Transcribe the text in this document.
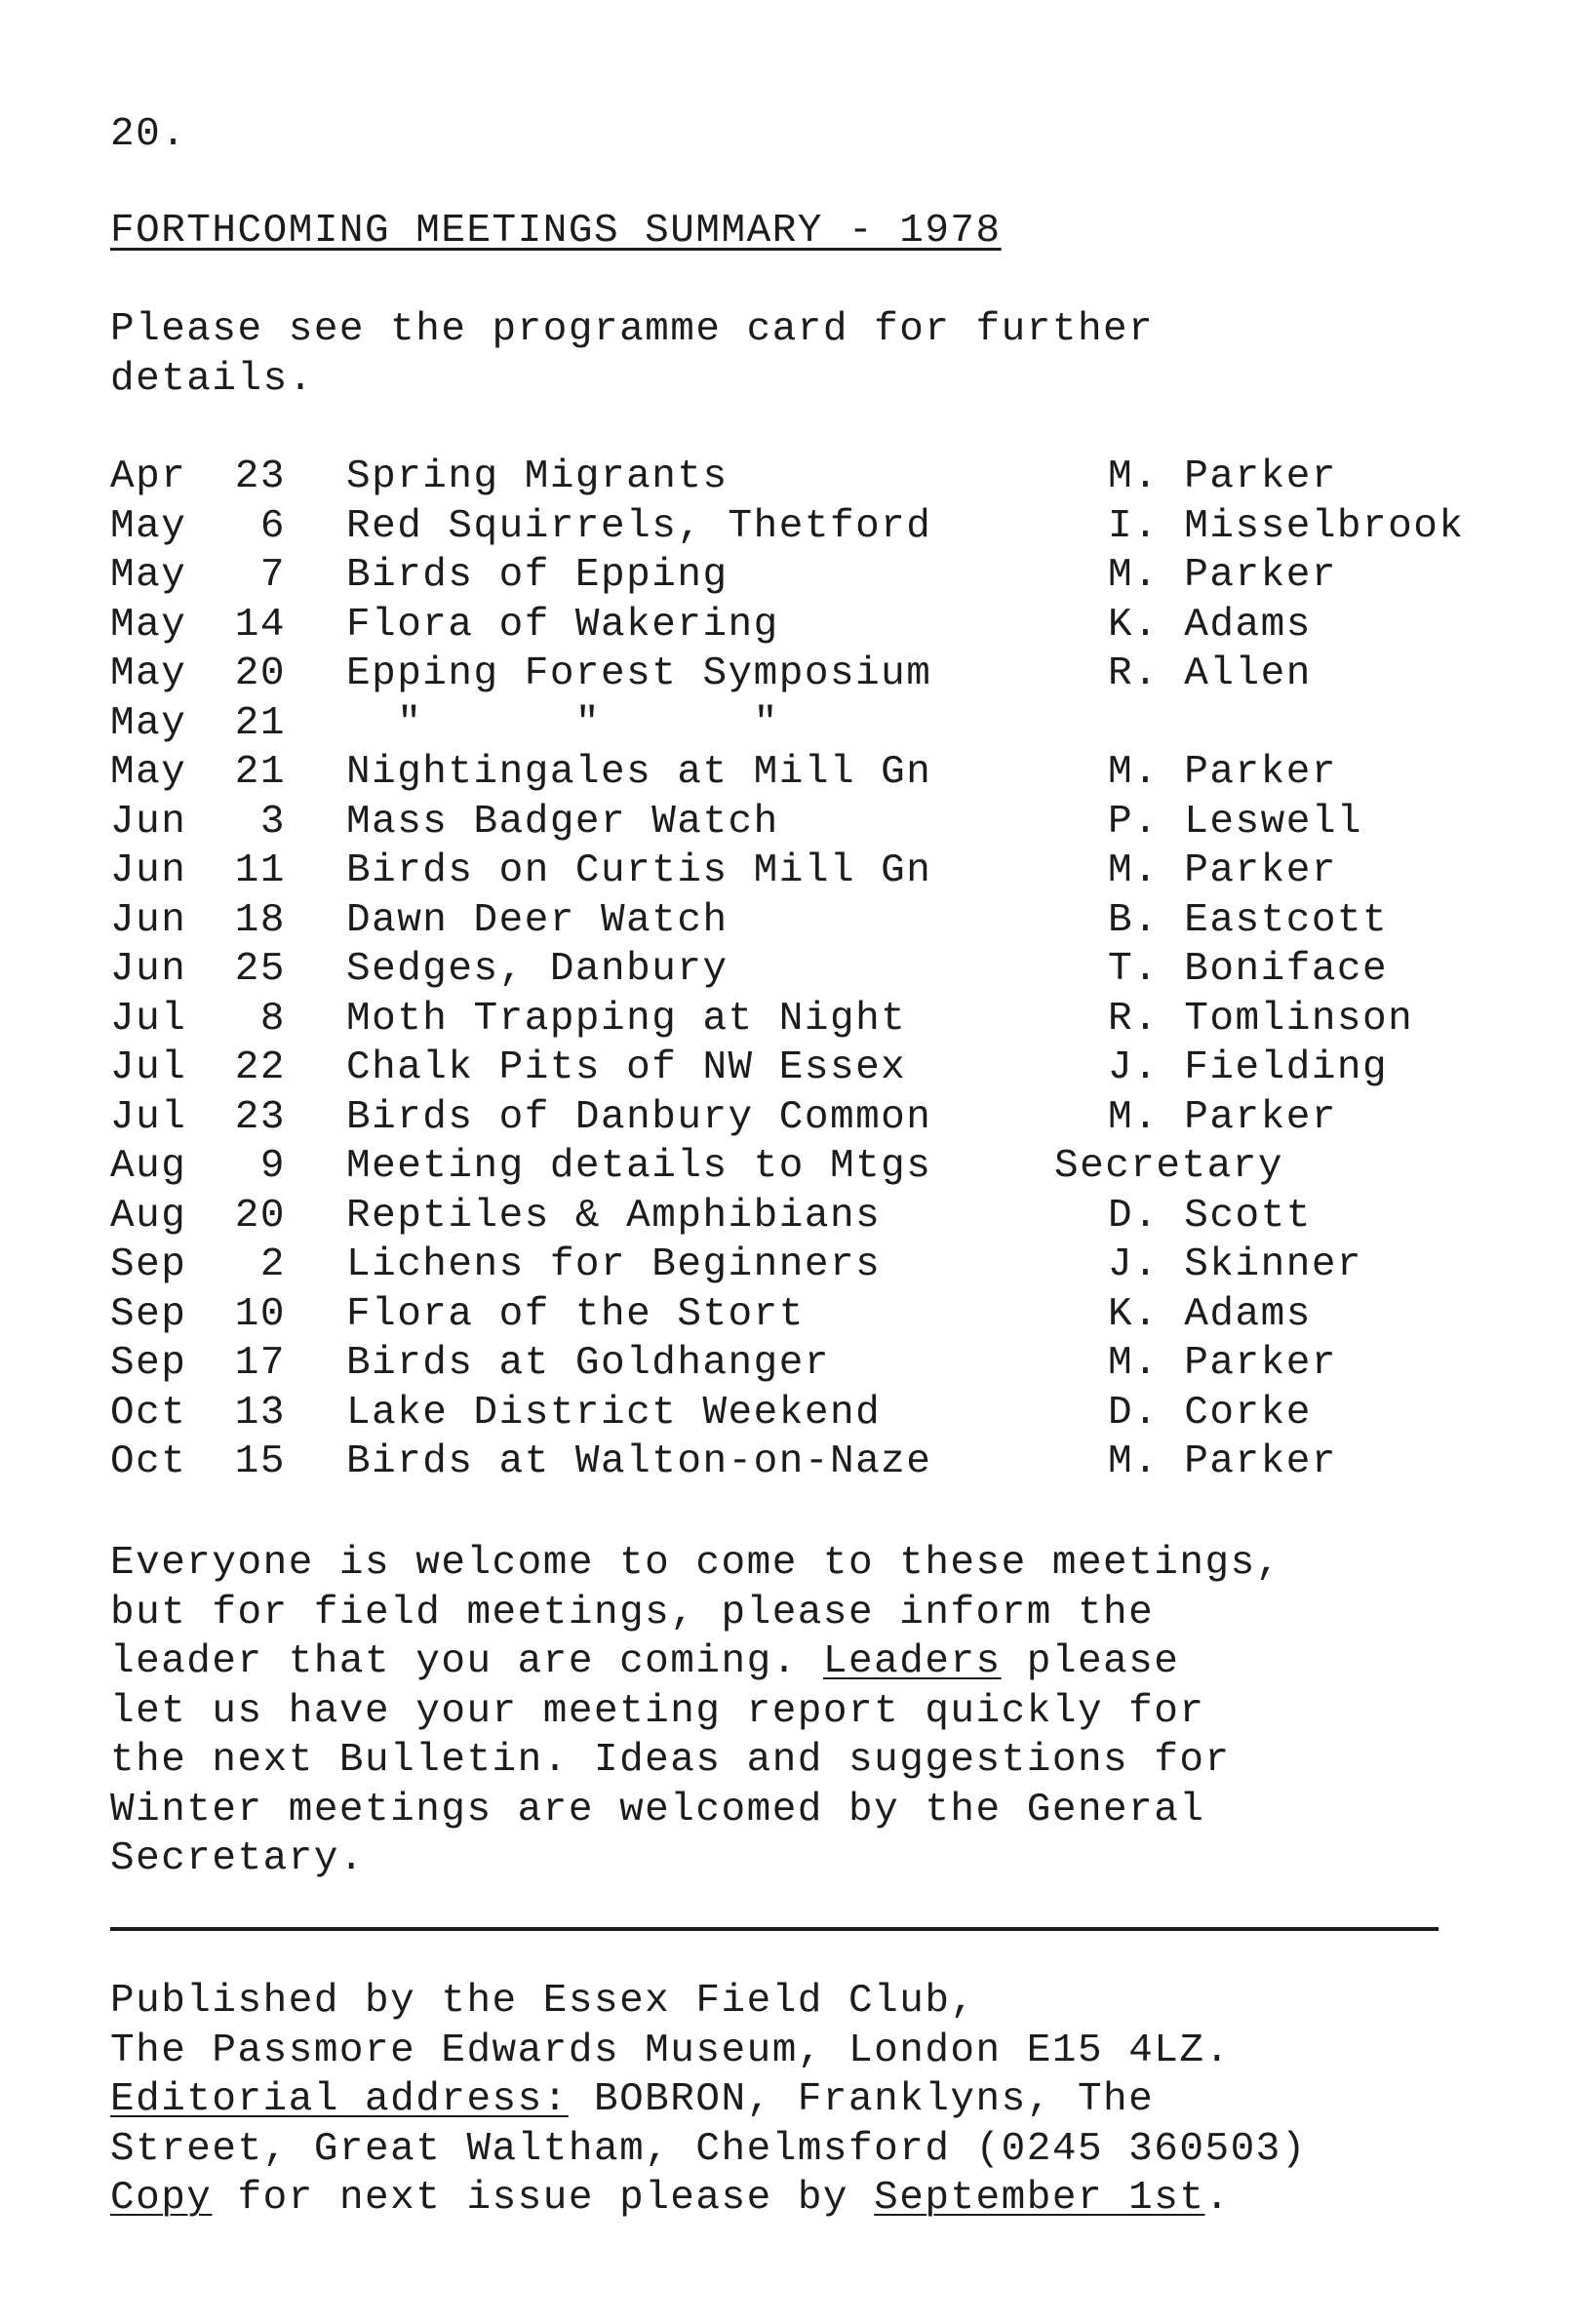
20.
FORTHCOMING MEETINGS SUMMARY - 1978
Please see the programme card for further
details.
Apr	23 Spring Migrants	M. Parker
May	6 Red Squirrels, Thetford	I. Misselbrook
May	7 Birds of Epping	M. Parker
May	14 Flora of Wakering	K. Adams
May	20 Epping Forest Symposium	R. Allen
May	21 "      "      "
May	21 Nightingales at Mill Gn	M. Parker
Jun	3 Mass Badger Watch	P. Leswell
Jun	11 Birds on Curtis Mill Gn	M. Parker
Jun	18 Dawn Deer Watch	B. Eastcott
Jun	25 Sedges, Danbury	T. Boniface
Jul	8 Moth Trapping at Night	R. Tomlinson
Jul	22 Chalk Pits of NW Essex	J. Fielding
Jul	23 Birds of Danbury Common	M. Parker
Aug	9 Meeting details to Mtgs	Secretary
Aug	20 Reptiles & Amphibians	D. Scott
Sep	2 Lichens for Beginners	J. Skinner
Sep	10 Flora of the Stort	K. Adams
Sep	17 Birds at Goldhanger	M. Parker
Oct	13 Lake District Weekend	D. Corke
Oct	15 Birds at Walton-on-Naze	M. Parker
Everyone is welcome to come to these meetings,
but for field meetings, please inform the
leader that you are coming. Leaders please
let us have your meeting report quickly for
the next Bulletin. Ideas and suggestions for
Winter meetings are welcomed by the General
Secretary.
Published by the Essex Field Club,
The Passmore Edwards Museum, London E15 4LZ.
Editorial address: BOBRON, Franklyns, The
Street, Great Waltham, Chelmsford (0245 360503)
Copy for next issue please by September 1st.
